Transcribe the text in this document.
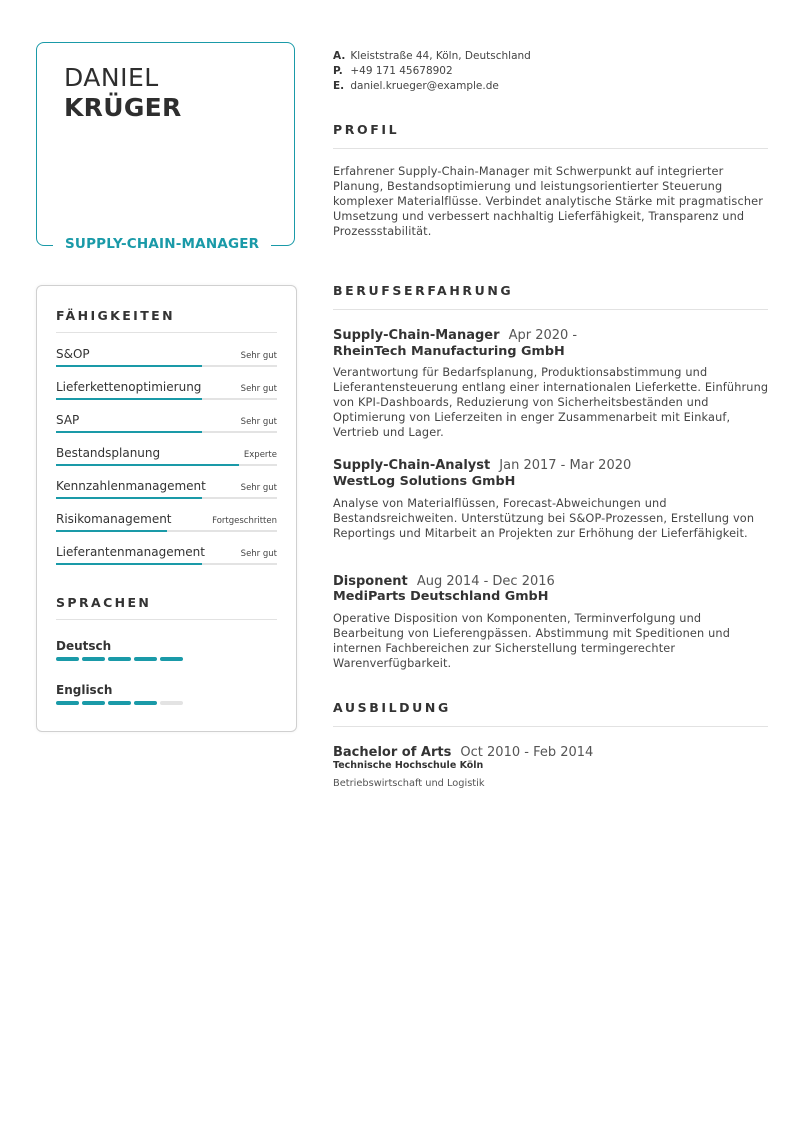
DANIEL
KRÜGER
SUPPLY-CHAIN-MANAGER
FÄHIGKEITEN
S&OP	Sehr gut
Lieferkettenoptimierung	Sehr gut
SAP	Sehr gut
Bestandsplanung	Experte
Kennzahlenmanagement	Sehr gut
Risikomanagement	Fortgeschritten
Lieferantenmanagement	Sehr gut
SPRACHEN
Deutsch
Englisch
A. Kleiststraße 44, Köln, Deutschland
P. +49 171 45678902
E. daniel.krueger@example.de
PROFIL
Erfahrener Supply-Chain-Manager mit Schwerpunkt auf integrierter Planung, Bestandsoptimierung und leistungsorientierter Steuerung komplexer Materialflüsse. Verbindet analytische Stärke mit pragmatischer Umsetzung und verbessert nachhaltig Lieferfähigkeit, Transparenz und Prozessstabilität.
BERUFSERFAHRUNG
Supply-Chain-Manager Apr 2020 -
RheinTech Manufacturing GmbH
Verantwortung für Bedarfsplanung, Produktionsabstimmung und Lieferantensteuerung entlang einer internationalen Lieferkette. Einführung von KPI-Dashboards, Reduzierung von Sicherheitsbeständen und Optimierung von Lieferzeiten in enger Zusammenarbeit mit Einkauf, Vertrieb und Lager.
Supply-Chain-Analyst Jan 2017 - Mar 2020
WestLog Solutions GmbH
Analyse von Materialflüssen, Forecast-Abweichungen und Bestandsreichweiten. Unterstützung bei S&OP-Prozessen, Erstellung von Reportings und Mitarbeit an Projekten zur Erhöhung der Lieferfähigkeit.
Disponent Aug 2014 - Dec 2016
MediParts Deutschland GmbH
Operative Disposition von Komponenten, Terminverfolgung und Bearbeitung von Lieferengpässen. Abstimmung mit Speditionen und internen Fachbereichen zur Sicherstellung termingerechter Warenverfügbarkeit.
AUSBILDUNG
Bachelor of Arts Oct 2010 - Feb 2014
Technische Hochschule Köln
Betriebswirtschaft und Logistik
